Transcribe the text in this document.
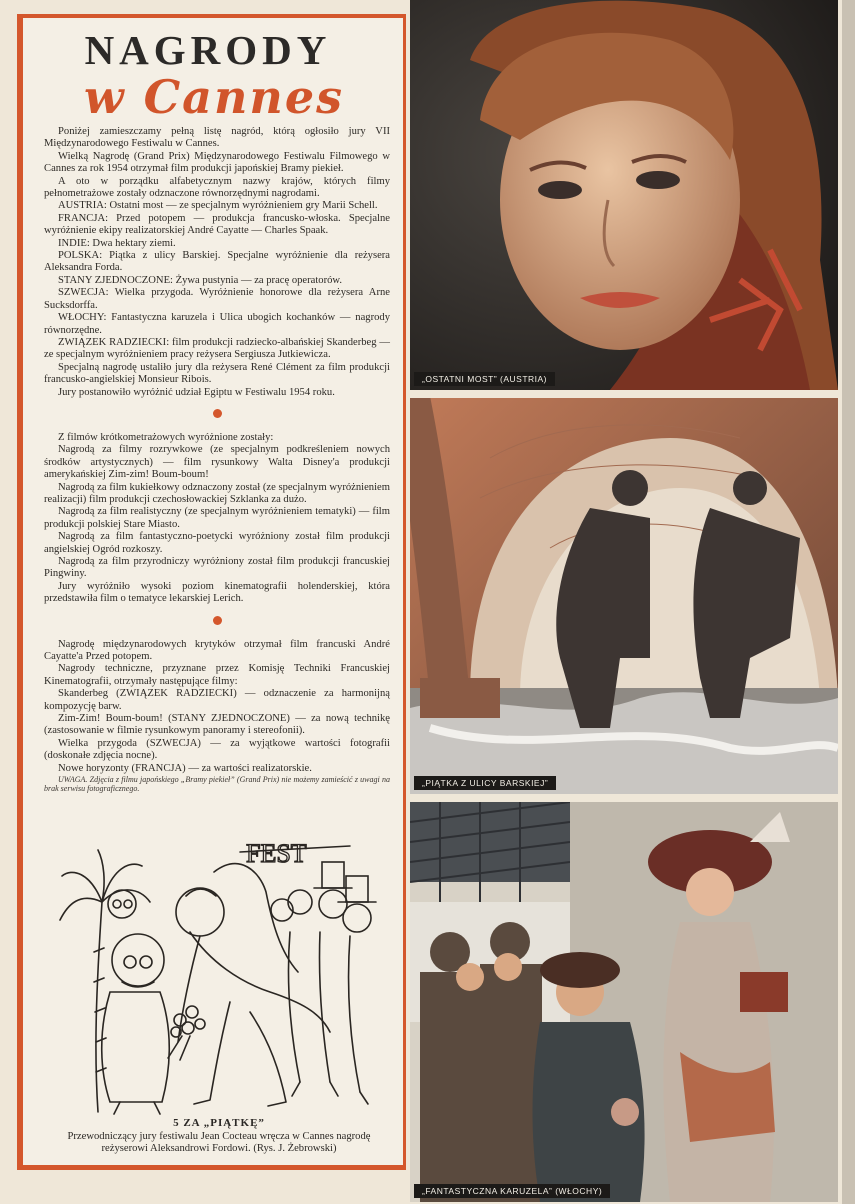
NAGRODY
w Cannes

Poniżej zamieszczamy pełną listę nagród, którą ogłosiło jury VII Międzynarodowego Festiwalu w Cannes.

Wielką Nagrodę (Grand Prix) Międzynarodowego Festiwalu Filmowego w Cannes za rok 1954 otrzymał film produkcji japońskiej Bramy piekieł.

A oto w porządku alfabetycznym nazwy krajów, których filmy pełnometrażowe zostały odznaczone równorzędnymi nagrodami.

AUSTRIA: Ostatni most — ze specjalnym wyróżnieniem gry Marii Schell.

FRANCJA: Przed potopem — produkcja francusko-włoska. Specjalne wyróżnienie ekipy realizatorskiej André Cayatte — Charles Spaak.

INDIE: Dwa hektary ziemi.

POLSKA: Piątka z ulicy Barskiej. Specjalne wyróżnienie dla reżysera Aleksandra Forda.

STANY ZJEDNOCZONE: Żywa pustynia — za pracę operatorów.

SZWECJA: Wielka przygoda. Wyróżnienie honorowe dla reżysera Arne Sucksdorffa.

WŁOCHY: Fantastyczna karuzela i Ulica ubogich kochanków — nagrody równorzędne.

ZWIĄZEK RADZIECKI: film produkcji radziecko-albańskiej Skanderbeg — ze specjalnym wyróżnieniem pracy reżysera Sergiusza Jutkiewicza.

Specjalną nagrodę ustaliło jury dla reżysera René Clément za film produkcji francusko-angielskiej Monsieur Ribois.

Jury postanowiło wyróżnić udział Egiptu w Festiwalu 1954 roku.

Z filmów krótkometrażowych wyróżnione zostały:

Nagrodą za filmy rozrywkowe (ze specjalnym podkreśleniem nowych środków artystycznych) — film rysunkowy Walta Disney'a produkcji amerykańskiej Zim-zim! Boum-boum!

Nagrodą za film kukiełkowy odznaczony został (ze specjalnym wyróżnieniem realizacji) film produkcji czechosłowackiej Szklanka za dużo.

Nagrodą za film realistyczny (ze specjalnym wyróżnieniem tematyki) — film produkcji polskiej Stare Miasto.

Nagrodą za film fantastyczno-poetycki wyróżniony został film produkcji angielskiej Ogród rozkoszy.

Nagrodą za film przyrodniczy wyróżniony został film produkcji francuskiej Pingwiny.

Jury wyróżniło wysoki poziom kinematografii holenderskiej, która przedstawiła film o tematyce lekarskiej Lerich.

Nagrodę międzynarodowych krytyków otrzymał film francuski André Cayatte'a Przed potopem.

Nagrody techniczne, przyznane przez Komisję Techniki Francuskiej Kinematografii, otrzymały następujące filmy:

Skanderbeg (ZWIĄZEK RADZIECKI) — odznaczenie za harmonijną kompozycję barw.

Zim-Zim! Boum-boum! (STANY ZJEDNOCZONE) — za nową technikę (zastosowanie w filmie rysunkowym panoramy i stereofonii).

Wielka przygoda (SZWECJA) — za wyjątkowe wartości fotografii (doskonałe zdjęcia nocne).

Nowe horyzonty (FRANCJA) — za wartości realizatorskie.

UWAGA. Zdjęcia z filmu japońskiego „Bramy piekieł” (Grand Prix) nie możemy zamieścić z uwagi na brak serwisu fotograficznego.

FEST
5 ZA „PIĄTKĘ”
Przewodniczący jury festiwalu Jean Cocteau wręcza w Cannes nagrodę reżyserowi Aleksandrowi Fordowi. (Rys. J. Żebrowski)
„OSTATNI MOST” (AUSTRIA)
„PIĄTKA Z ULICY BARSKIEJ”
„FANTASTYCZNA KARUZELA” (WŁOCHY)
